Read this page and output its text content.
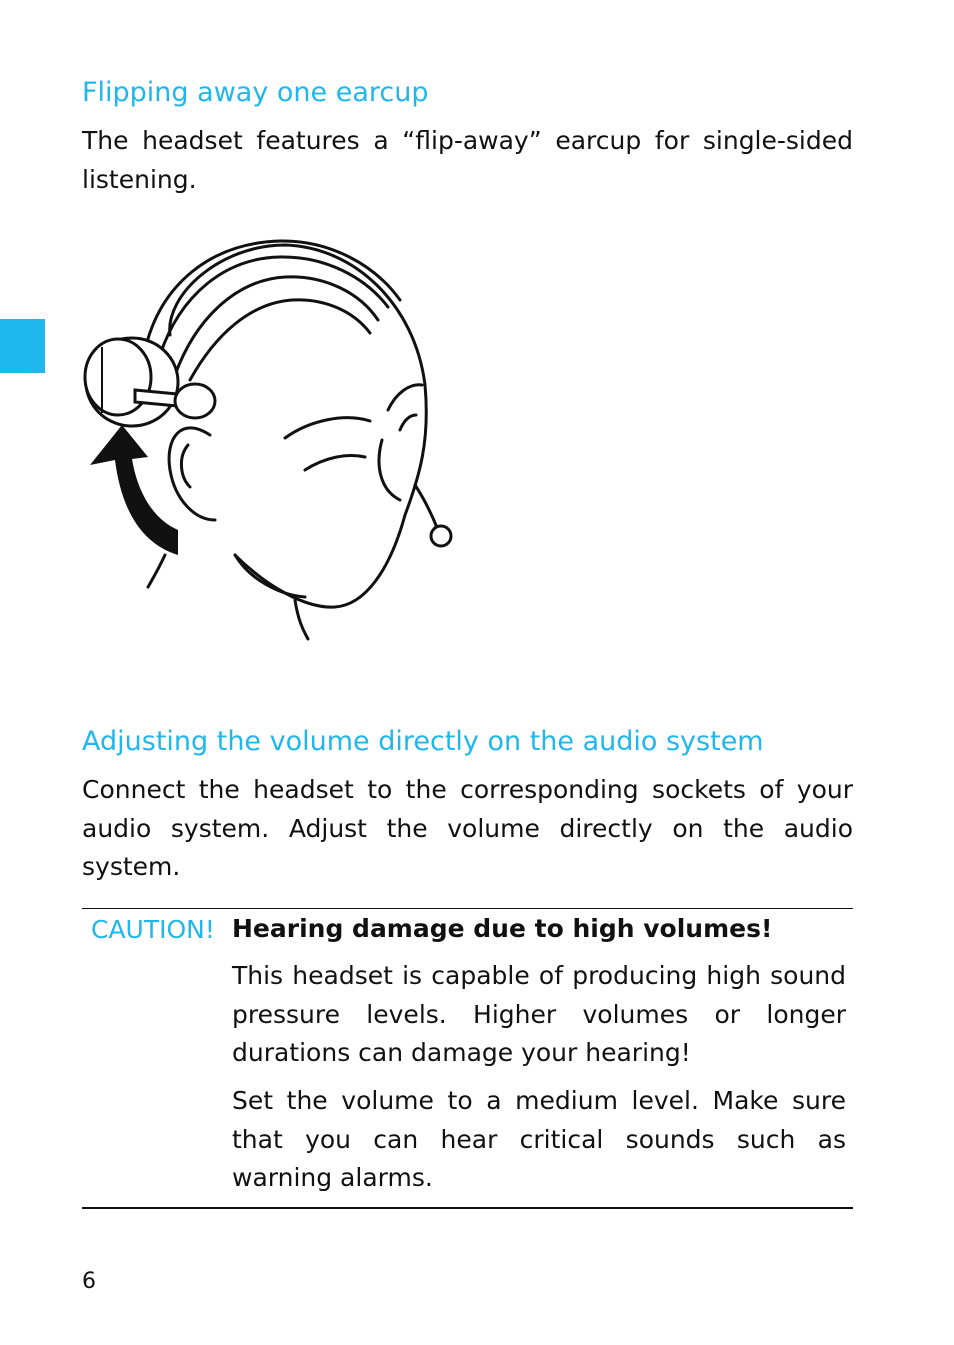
Flipping away one earcup

The headset features a “flip-away” earcup for single-sided listening.

Adjusting the volume directly on the audio system

Connect the headset to the corresponding sockets of your audio system. Adjust the volume directly on the audio system.

CAUTION! Hearing damage due to high volumes!

This headset is capable of producing high sound pressure levels. Higher volumes or longer durations can damage your hearing!

Set the volume to a medium level. Make sure that you can hear critical sounds such as warning alarms.

6
